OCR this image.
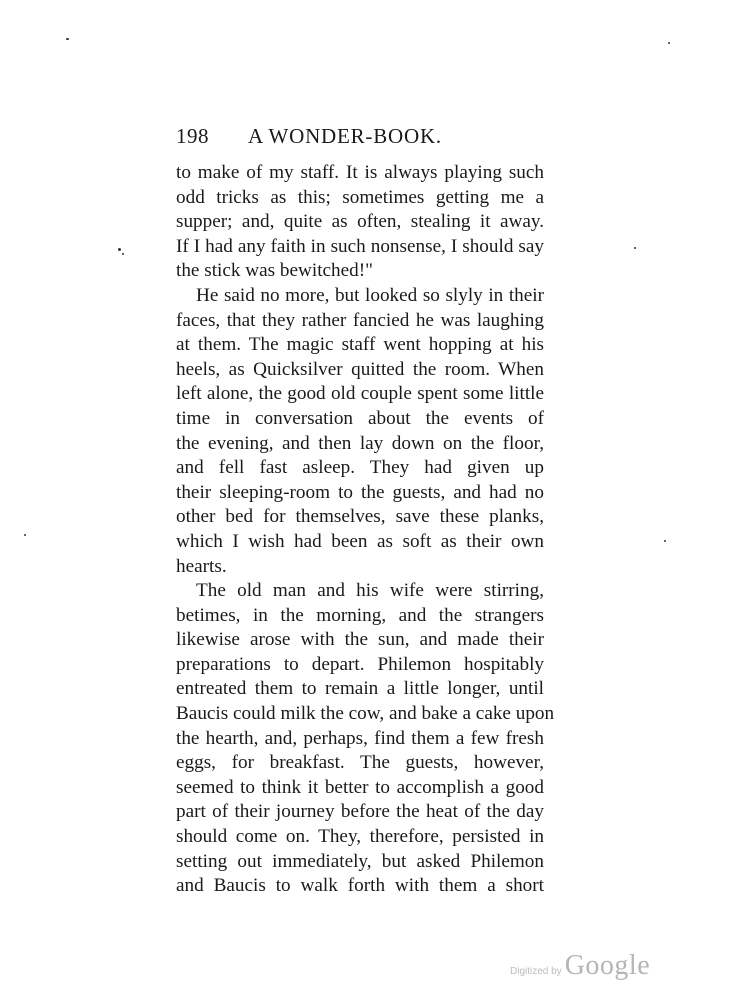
198 A WONDER-BOOK.
to make of my staff. It is always playing such
odd tricks as this; sometimes getting me a
supper; and, quite as often, stealing it away.
If I had any faith in such nonsense, I should say
the stick was bewitched!"
He said no more, but looked so slyly in their
faces, that they rather fancied he was laughing
at them. The magic staff went hopping at his
heels, as Quicksilver quitted the room. When
left alone, the good old couple spent some little
time in conversation about the events of
the evening, and then lay down on the floor,
and fell fast asleep. They had given up
their sleeping-room to the guests, and had no
other bed for themselves, save these planks,
which I wish had been as soft as their own
hearts.
The old man and his wife were stirring,
betimes, in the morning, and the strangers
likewise arose with the sun, and made their
preparations to depart. Philemon hospitably
entreated them to remain a little longer, until
Baucis could milk the cow, and bake a cake upon
the hearth, and, perhaps, find them a few fresh
eggs, for breakfast. The guests, however,
seemed to think it better to accomplish a good
part of their journey before the heat of the day
should come on. They, therefore, persisted in
setting out immediately, but asked Philemon
and Baucis to walk forth with them a short
Digitized by Google
